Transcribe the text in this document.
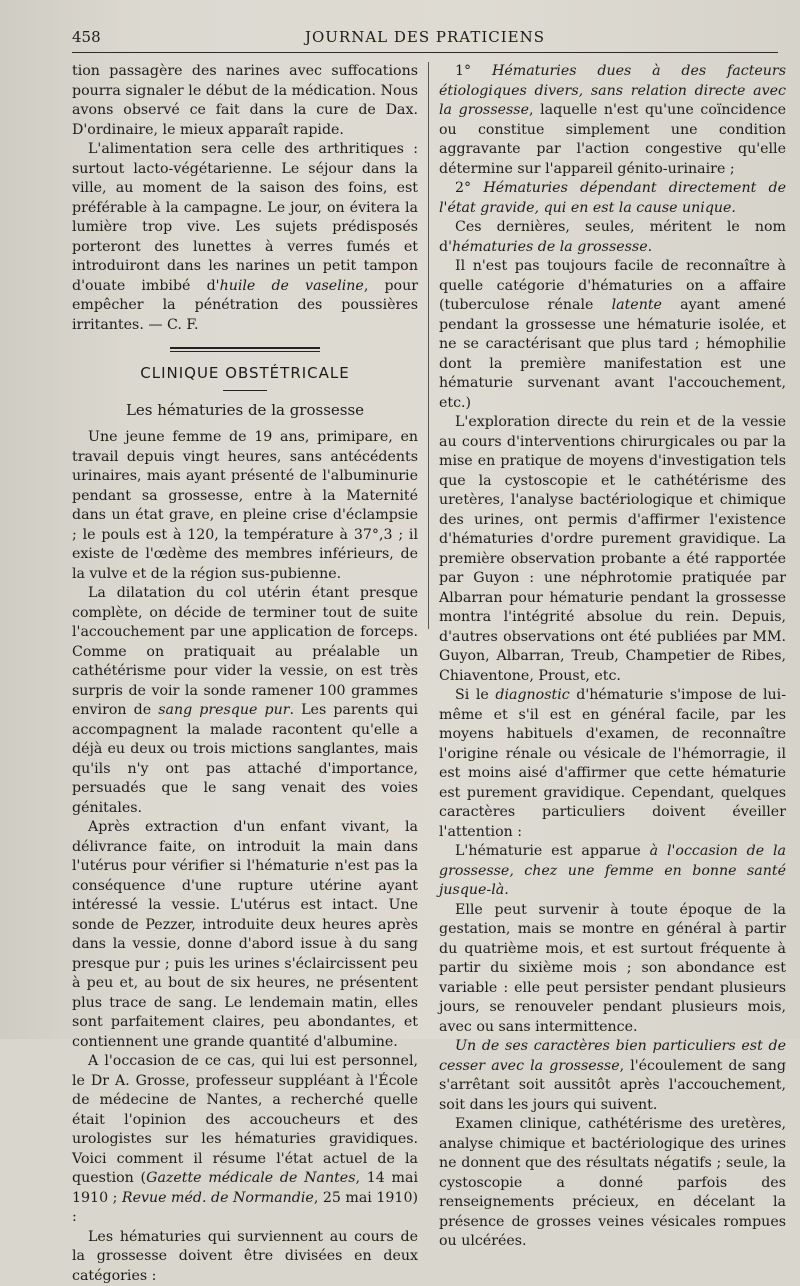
458	JOURNAL DES PRATICIENS

tion passagère des narines avec suffocations pourra signaler le début de la médication. Nous avons observé ce fait dans la cure de Dax. D'ordinaire, le mieux apparaît rapide.

L'alimentation sera celle des arthritiques : surtout lacto-végétarienne. Le séjour dans la ville, au moment de la saison des foins, est préférable à la campagne. Le jour, on évitera la lumière trop vive. Les sujets prédisposés porteront des lunettes à verres fumés et introduiront dans les narines un petit tampon d'ouate imbibé d'huile de vaseline, pour empêcher la pénétration des poussières irritantes. — C. F.

CLINIQUE OBSTÉTRICALE
Les hématuries de la grossesse

Une jeune femme de 19 ans, primipare, en travail depuis vingt heures, sans antécédents urinaires, mais ayant présenté de l'albuminurie pendant sa grossesse, entre à la Maternité dans un état grave, en pleine crise d'éclampsie ; le pouls est à 120, la température à 37°,3 ; il existe de l'œdème des membres inférieurs, de la vulve et de la région sus-pubienne.

La dilatation du col utérin étant presque complète, on décide de terminer tout de suite l'accouchement par une application de forceps. Comme on pratiquait au préalable un cathétérisme pour vider la vessie, on est très surpris de voir la sonde ramener 100 grammes environ de sang presque pur. Les parents qui accompagnent la malade racontent qu'elle a déjà eu deux ou trois mictions sanglantes, mais qu'ils n'y ont pas attaché d'importance, persuadés que le sang venait des voies génitales.

Après extraction d'un enfant vivant, la délivrance faite, on introduit la main dans l'utérus pour vérifier si l'hématurie n'est pas la conséquence d'une rupture utérine ayant intéressé la vessie. L'utérus est intact. Une sonde de Pezzer, introduite deux heures après dans la vessie, donne d'abord issue à du sang presque pur ; puis les urines s'éclaircissent peu à peu et, au bout de six heures, ne présentent plus trace de sang. Le lendemain matin, elles sont parfaitement claires, peu abondantes, et contiennent une grande quantité d'albumine.

A l'occasion de ce cas, qui lui est personnel, le Dr A. Grosse, professeur suppléant à l'École de médecine de Nantes, a recherché quelle était l'opinion des accoucheurs et des urologistes sur les hématuries gravidiques. Voici comment il résume l'état actuel de la question (Gazette médicale de Nantes, 14 mai 1910 ; Revue méd. de Normandie, 25 mai 1910) :

Les hématuries qui surviennent au cours de la grossesse doivent être divisées en deux catégories :

1° Hématuries dues à des facteurs étiologiques divers, sans relation directe avec la grossesse, laquelle n'est qu'une coïncidence ou constitue simplement une condition aggravante par l'action congestive qu'elle détermine sur l'appareil génito-urinaire ;

2° Hématuries dépendant directement de l'état gravide, qui en est la cause unique.

Ces dernières, seules, méritent le nom d'hématuries de la grossesse.

Il n'est pas toujours facile de reconnaître à quelle catégorie d'hématuries on a affaire (tuberculose rénale latente ayant amené pendant la grossesse une hématurie isolée, et ne se caractérisant que plus tard ; hémophilie dont la première manifestation est une hématurie survenant avant l'accouchement, etc.)

L'exploration directe du rein et de la vessie au cours d'interventions chirurgicales ou par la mise en pratique de moyens d'investigation tels que la cystoscopie et le cathétérisme des uretères, l'analyse bactériologique et chimique des urines, ont permis d'affirmer l'existence d'hématuries d'ordre purement gravidique. La première observation probante a été rapportée par Guyon : une néphrotomie pratiquée par Albarran pour hématurie pendant la grossesse montra l'intégrité absolue du rein. Depuis, d'autres observations ont été publiées par MM. Guyon, Albarran, Treub, Champetier de Ribes, Chiaventone, Proust, etc.

Si le diagnostic d'hématurie s'impose de lui-même et s'il est en général facile, par les moyens habituels d'examen, de reconnaître l'origine rénale ou vésicale de l'hémorragie, il est moins aisé d'affirmer que cette hématurie est purement gravidique. Cependant, quelques caractères particuliers doivent éveiller l'attention :

L'hématurie est apparue à l'occasion de la grossesse, chez une femme en bonne santé jusque-là.

Elle peut survenir à toute époque de la gestation, mais se montre en général à partir du quatrième mois, et est surtout fréquente à partir du sixième mois ; son abondance est variable : elle peut persister pendant plusieurs jours, se renouveler pendant plusieurs mois, avec ou sans intermittence.

Un de ses caractères bien particuliers est de cesser avec la grossesse, l'écoulement de sang s'arrêtant soit aussitôt après l'accouchement, soit dans les jours qui suivent.

Examen clinique, cathétérisme des uretères, analyse chimique et bactériologique des urines ne donnent que des résultats négatifs ; seule, la cystoscopie a donné parfois des renseignements précieux, en décelant la présence de grosses veines vésicales rompues ou ulcérées.
